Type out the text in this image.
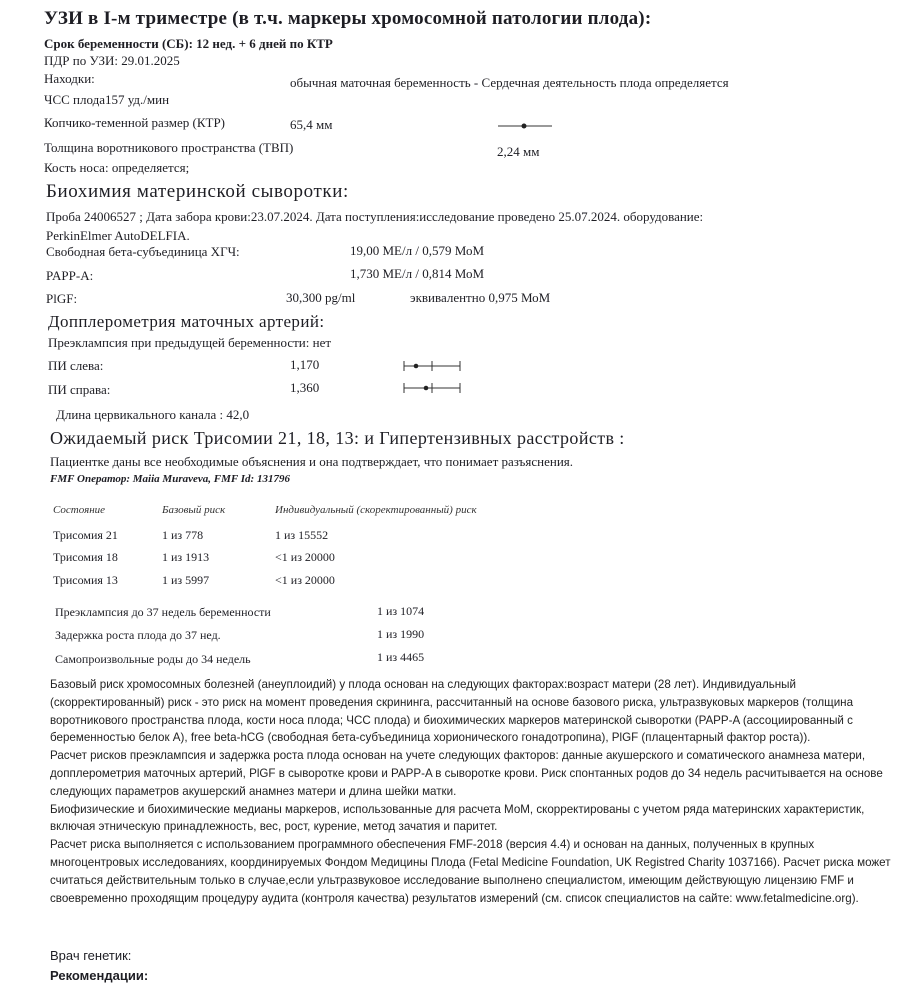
УЗИ в I-м триместре (в т.ч. маркеры хромосомной патологии плода):
Срок беременности (СБ): 12 нед. + 6 дней по КТР
ПДР по УЗИ: 29.01.2025
Находки:	обычная маточная беременность - Сердечная деятельность плода определяется
ЧСС плода157 уд./мин
Копчико-теменной размер (КТР)	65,4 мм
Толщина воротникового пространства (ТВП)	2,24 мм
Кость носа: определяется;
Биохимия материнской сыворотки:
Проба 24006527 ; Дата забора крови:23.07.2024. Дата поступления:исследование проведено 25.07.2024. оборудование:
PerkinElmer AutoDELFIA.
Свободная бета-субъединица ХГЧ:	19,00 МЕ/л / 0,579 МоМ
PAPP-A:	1,730 МЕ/л / 0,814 МоМ
PlGF:	30,300 pg/ml	эквивалентно 0,975 МоМ
Допплерометрия маточных артерий:
Преэклампсия при предыдущей беременности: нет
ПИ слева:	1,170
ПИ справа:	1,360
Длина цервикального канала : 42,0
Ожидаемый риск Трисомии 21, 18, 13: и Гипертензивных расстройств :
Пациентке даны все необходимые объяснения и она подтверждает, что понимает разъяснения.
FMF Оператор: Maiia Muraveva, FMF Id: 131796
Состояние	Базовый риск	Индивидуальный (скоректированный) риск
Трисомия 21	1 из 778	1 из 15552
Трисомия 18	1 из 1913	<1 из 20000
Трисомия 13	1 из 5997	<1 из 20000
Преэклампсия до 37 недель беременности	1 из 1074
Задержка роста плода до 37 нед.	1 из 1990
Самопроизвольные роды до 34 недель	1 из 4465

Базовый риск хромосомных болезней (анеуплоидий) у плода основан на следующих факторах:возраст матери (28 лет). Индивидуальный (скорректированный) риск - это риск на момент проведения скрининга, рассчитанный на основе базового риска, ультразвуковых маркеров (толщина воротникового пространства плода, кости носа плода; ЧСС плода) и биохимических маркеров материнской сыворотки (PAPP-A (ассоциированный с беременностью белок А), free beta-hCG (свободная бета-субъединица хорионического гонадотропина), PlGF (плацентарный фактор роста)).

Расчет рисков преэклампсия и задержка роста плода основан на учете следующих факторов: данные акушерского и соматического анамнеза матери, допплерометрия маточных артерий, PlGF в сыворотке крови и PAPP-A в сыворотке крови. Риск спонтанных родов до 34 недель расчитывается на основе следующих параметров акушерский анамнез матери и длина шейки матки.

Биофизические и биохимические медианы маркеров, использованные для расчета МоМ, скорректированы с учетом ряда материнских характеристик, включая этническую принадлежность, вес, рост, курение, метод зачатия и паритет.

Расчет риска выполняется с использованием программного обеспечения FMF-2018 (версия 4.4) и основан на данных, полученных в крупных многоцентровых исследованиях, координируемых Фондом Медицины Плода (Fetal Medicine Foundation, UK Registred Charity 1037166). Расчет риска может считаться действительным только в случае,если ультразвуковое исследование выполнено специалистом, имеющим действующую лицензию FMF и своевременно проходящим процедуру аудита (контроля качества) результатов измерений (см. список специалистов на сайте: www.fetalmedicine.org).

Врач генетик:
Рекомендации:
